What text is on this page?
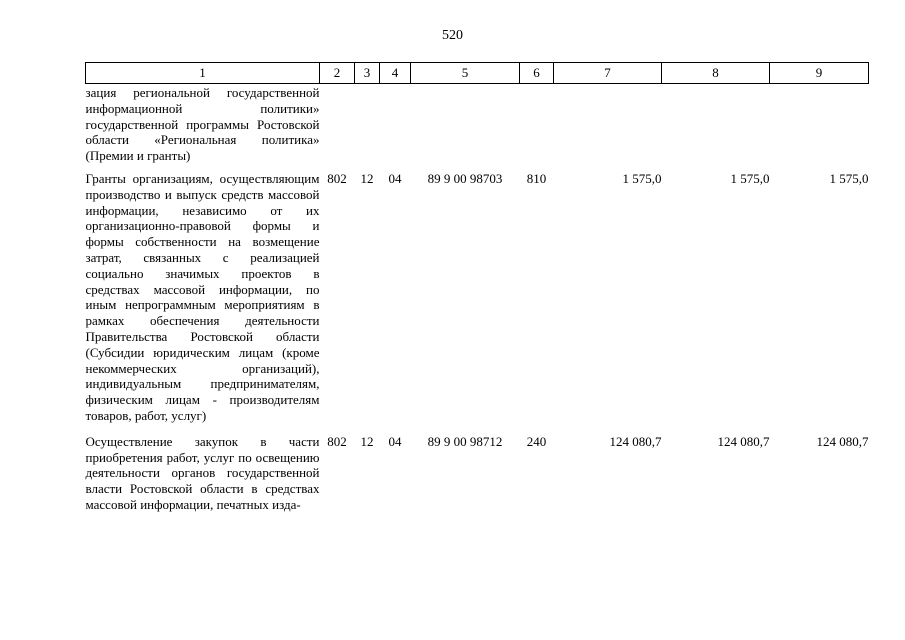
520
1	2	3	4	5	6	7	8	9
зация региональной государственной информационной политики» государственной программы Ростовской области «Региональная политика» (Премии и гранты)								
Гранты организациям, осуществляющим производство и выпуск средств массовой информации, независимо от их организационно-правовой формы и формы собственности на возмещение затрат, связанных с реализацией социально значимых проектов в средствах массовой информации, по иным непрограммным мероприятиям в рамках обеспечения деятельности Правительства Ростовской области (Субсидии юридическим лицам (кроме некоммерческих организаций), индивидуальным предпринимателям, физическим лицам - производителям товаров, работ, услуг)	802	12	04	89 9 00 98703	810	1 575,0	1 575,0	1 575,0
Осуществление закупок в части приобретения работ, услуг по освещению деятельности органов государственной власти Ростовской области в средствах массовой информации, печатных изда-	802	12	04	89 9 00 98712	240	124 080,7	124 080,7	124 080,7
